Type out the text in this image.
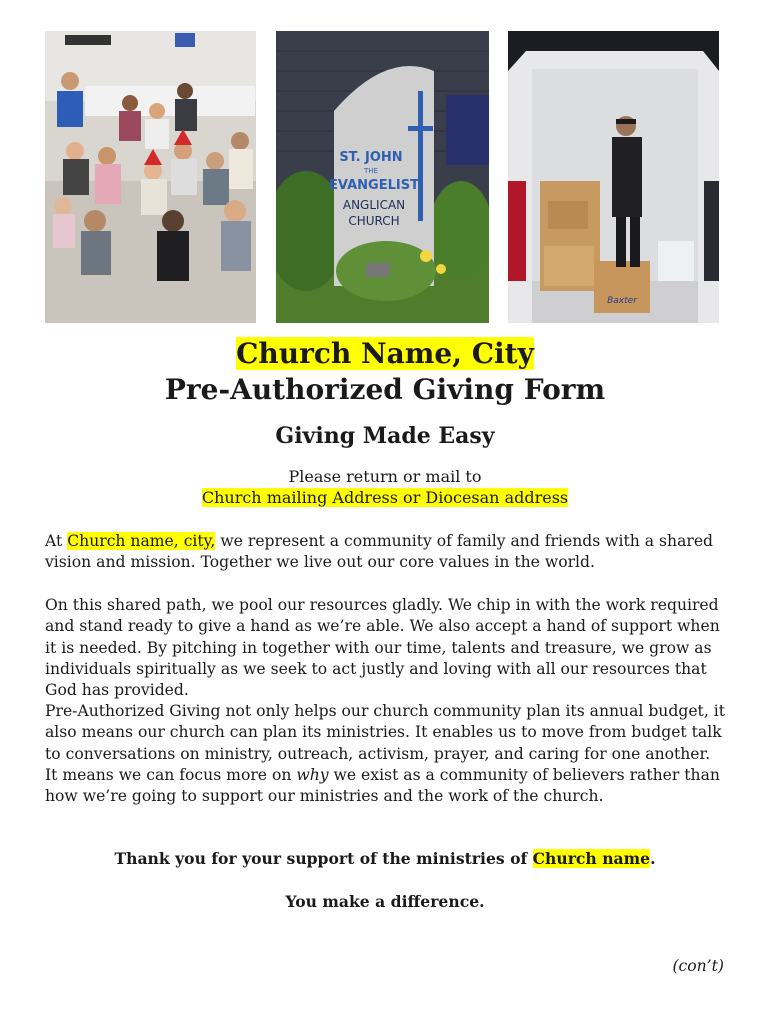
ST. JOHN
THE
EVANGELIST
ANGLICAN
CHURCH
Baxter
Church Name, City
Pre-Authorized Giving Form
Giving Made Easy
Please return or mail to
Church mailing Address or Diocesan address
At Church name, city, we represent a community of family and friends with a shared vision and mission. Together we live out our core values in the world.
On this shared path, we pool our resources gladly. We chip in with the work required and stand ready to give a hand as we’re able. We also accept a hand of support when it is needed. By pitching in together with our time, talents and treasure, we grow as individuals spiritually as we seek to act justly and loving with all our resources that God has provided.
Pre-Authorized Giving not only helps our church community plan its annual budget, it also means our church can plan its ministries. It enables us to move from budget talk to conversations on ministry, outreach, activism, prayer, and caring for one another. It means we can focus more on why we exist as a community of believers rather than how we’re going to support our ministries and the work of the church.
Thank you for your support of the ministries of Church name.
You make a difference.
(con’t)
